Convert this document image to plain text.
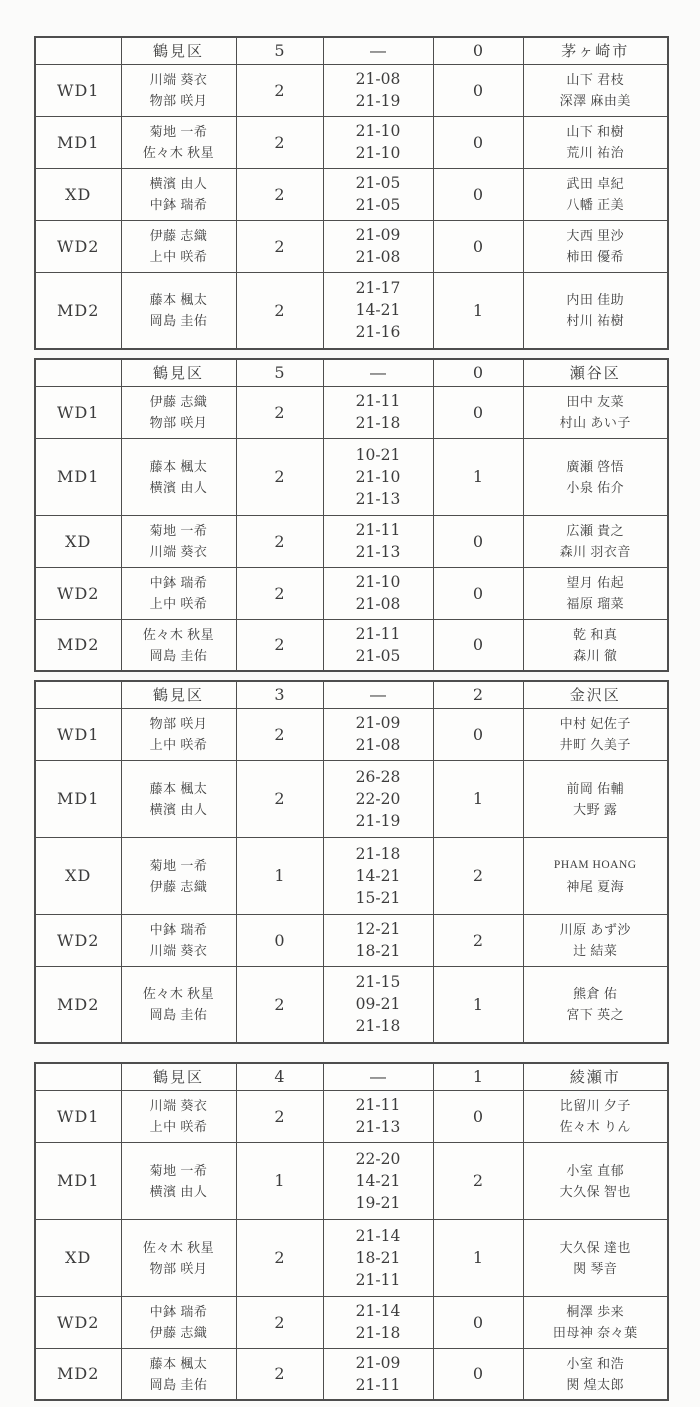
	鶴見区	5	―	0	茅ヶ崎市
WD1	
川端 葵衣
物部 咲月
	2	
21-08
21-19
	0	
山下 君枝
深澤 麻由美

MD1	
菊地 一希
佐々木 秋星
	2	
21-10
21-10
	0	
山下 和樹
荒川 祐治

XD	
横濱 由人
中鉢 瑞希
	2	
21-05
21-05
	0	
武田 卓紀
八幡 正美

WD2	
伊藤 志織
上中 咲希
	2	
21-09
21-08
	0	
大西 里沙
柿田 優希

MD2	
藤本 楓太
岡島 圭佑
	2	
21-17
14-21
21-16
	1	
内田 佳助
村川 祐樹
	鶴見区	5	―	0	瀬谷区
WD1	
伊藤 志織
物部 咲月
	2	
21-11
21-18
	0	
田中 友菜
村山 あい子

MD1	
藤本 楓太
横濱 由人
	2	
10-21
21-10
21-13
	1	
廣瀬 啓悟
小泉 佑介

XD	
菊地 一希
川端 葵衣
	2	
21-11
21-13
	0	
広瀬 貴之
森川 羽衣音

WD2	
中鉢 瑞希
上中 咲希
	2	
21-10
21-08
	0	
望月 佑起
福原 瑠菜

MD2	
佐々木 秋星
岡島 圭佑
	2	
21-11
21-05
	0	
乾 和真
森川 徹
	鶴見区	3	―	2	金沢区
WD1	
物部 咲月
上中 咲希
	2	
21-09
21-08
	0	
中村 妃佐子
井町 久美子

MD1	
藤本 楓太
横濱 由人
	2	
26-28
22-20
21-19
	1	
前岡 佑輔
大野 露

XD	
菊地 一希
伊藤 志織
	1	
21-18
14-21
15-21
	2	
PHAM HOANG
神尾 夏海

WD2	
中鉢 瑞希
川端 葵衣
	0	
12-21
18-21
	2	
川原 あず沙
辻 結菜

MD2	
佐々木 秋星
岡島 圭佑
	2	
21-15
09-21
21-18
	1	
熊倉 佑
宮下 英之
	鶴見区	4	―	1	綾瀬市
WD1	
川端 葵衣
上中 咲希
	2	
21-11
21-13
	0	
比留川 夕子
佐々木 りん

MD1	
菊地 一希
横濱 由人
	1	
22-20
14-21
19-21
	2	
小室 直郁
大久保 智也

XD	
佐々木 秋星
物部 咲月
	2	
21-14
18-21
21-11
	1	
大久保 達也
関 琴音

WD2	
中鉢 瑞希
伊藤 志織
	2	
21-14
21-18
	0	
桐澤 歩来
田母神 奈々葉

MD2	
藤本 楓太
岡島 圭佑
	2	
21-09
21-11
	0	
小室 和浩
関 煌太郎
